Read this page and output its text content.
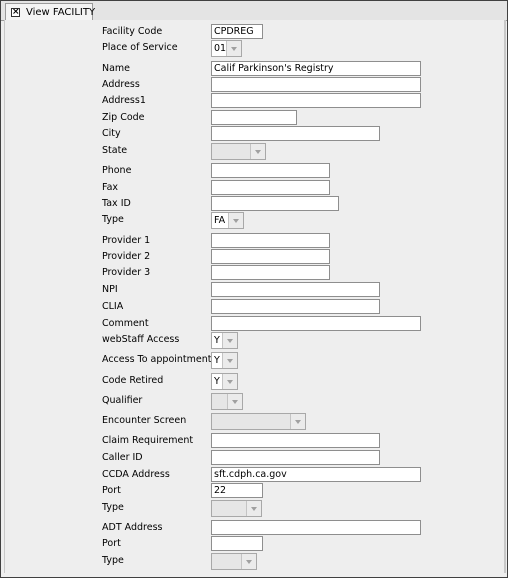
× View FACILITY
Facility Code	CPDREG
Place of Service	01
Name	Calif Parkinson's Registry
Address
Address1
Zip Code
City
State
Phone
Fax
Tax ID
Type	FA
Provider 1
Provider 2
Provider 3
NPI
CLIA
Comment
webStaff Access	Y
Access To appointment Y
Code Retired	Y
Qualifier
Encounter Screen
Claim Requirement
Caller ID
CCDA Address	sft.cdph.ca.gov
Port	22
Type
ADT Address
Port
Type
